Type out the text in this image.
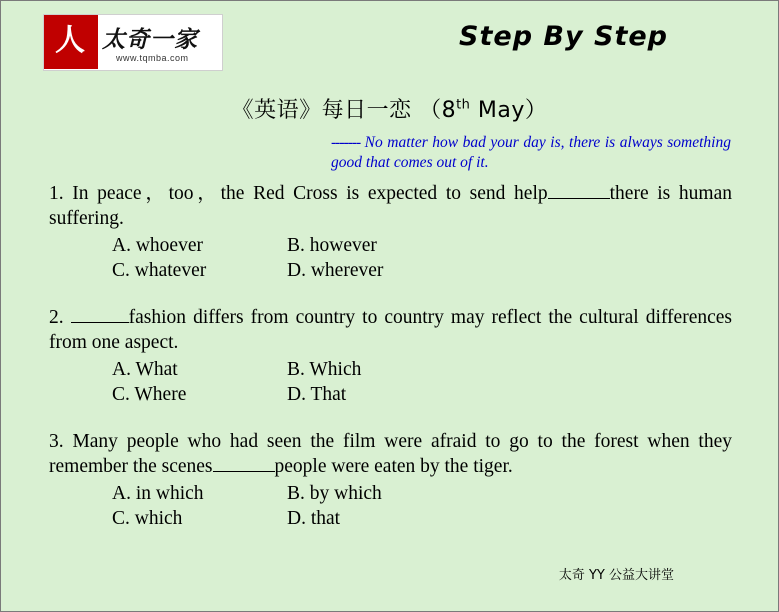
人 太奇一家
www.tqmba.com
Step By Step
《英语》每日一恋 （8th May）
------- No matter how bad your day is, there is always something good that comes out of it.
1. In peace，too，the Red Cross is expected to send help	there is human suffering.
A. whoever	B. however
C. whatever	D. wherever
2.	fashion differs from country to country may reflect the cultural differences from one aspect.
A. What	B. Which
C. Where	D. That
3. Many people who had seen the film were afraid to go to the forest when they remember the scenes	people were eaten by the tiger.
A. in which	B. by which
C. which	D. that
太奇 YY 公益大讲堂
